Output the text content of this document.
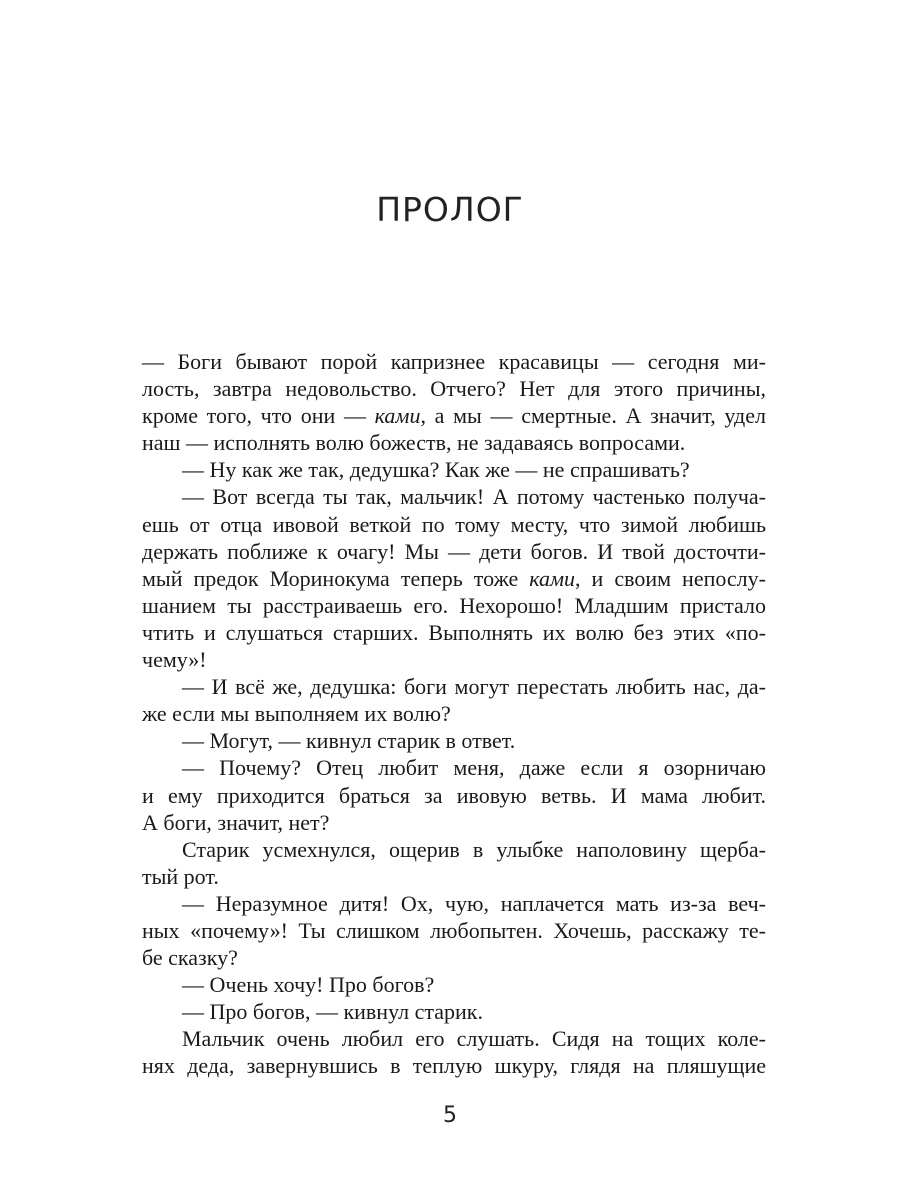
ПРОЛОГ
— Боги бывают порой капризнее красавицы — сегодня ми-
лость, завтра недовольство. Отчего? Нет для этого причины,
кроме того, что они — ками, а мы — смертные. А значит, удел
наш — исполнять волю божеств, не задаваясь вопросами.
— Ну как же так, дедушка? Как же — не спрашивать?
— Вот всегда ты так, мальчик! А потому частенько получа-
ешь от отца ивовой веткой по тому месту, что зимой любишь
держать поближе к очагу! Мы — дети богов. И твой досточти-
мый предок Моринокума теперь тоже ками, и своим непослу-
шанием ты расстраиваешь его. Нехорошо! Младшим пристало
чтить и слушаться старших. Выполнять их волю без этих «по-
чему»!
— И всё же, дедушка: боги могут перестать любить нас, да-
же если мы выполняем их волю?
— Могут, — кивнул старик в ответ.
— Почему? Отец любит меня, даже если я озорничаю
и ему приходится браться за ивовую ветвь. И мама любит.
А боги, значит, нет?
Старик усмехнулся, ощерив в улыбке наполовину щерба-
тый рот.
— Неразумное дитя! Ох, чую, наплачется мать из-за веч-
ных «почему»! Ты слишком любопытен. Хочешь, расскажу те-
бе сказку?
— Очень хочу! Про богов?
— Про богов, — кивнул старик.
Мальчик очень любил его слушать. Сидя на тощих коле-
нях деда, завернувшись в теплую шкуру, глядя на пляшущие
5
